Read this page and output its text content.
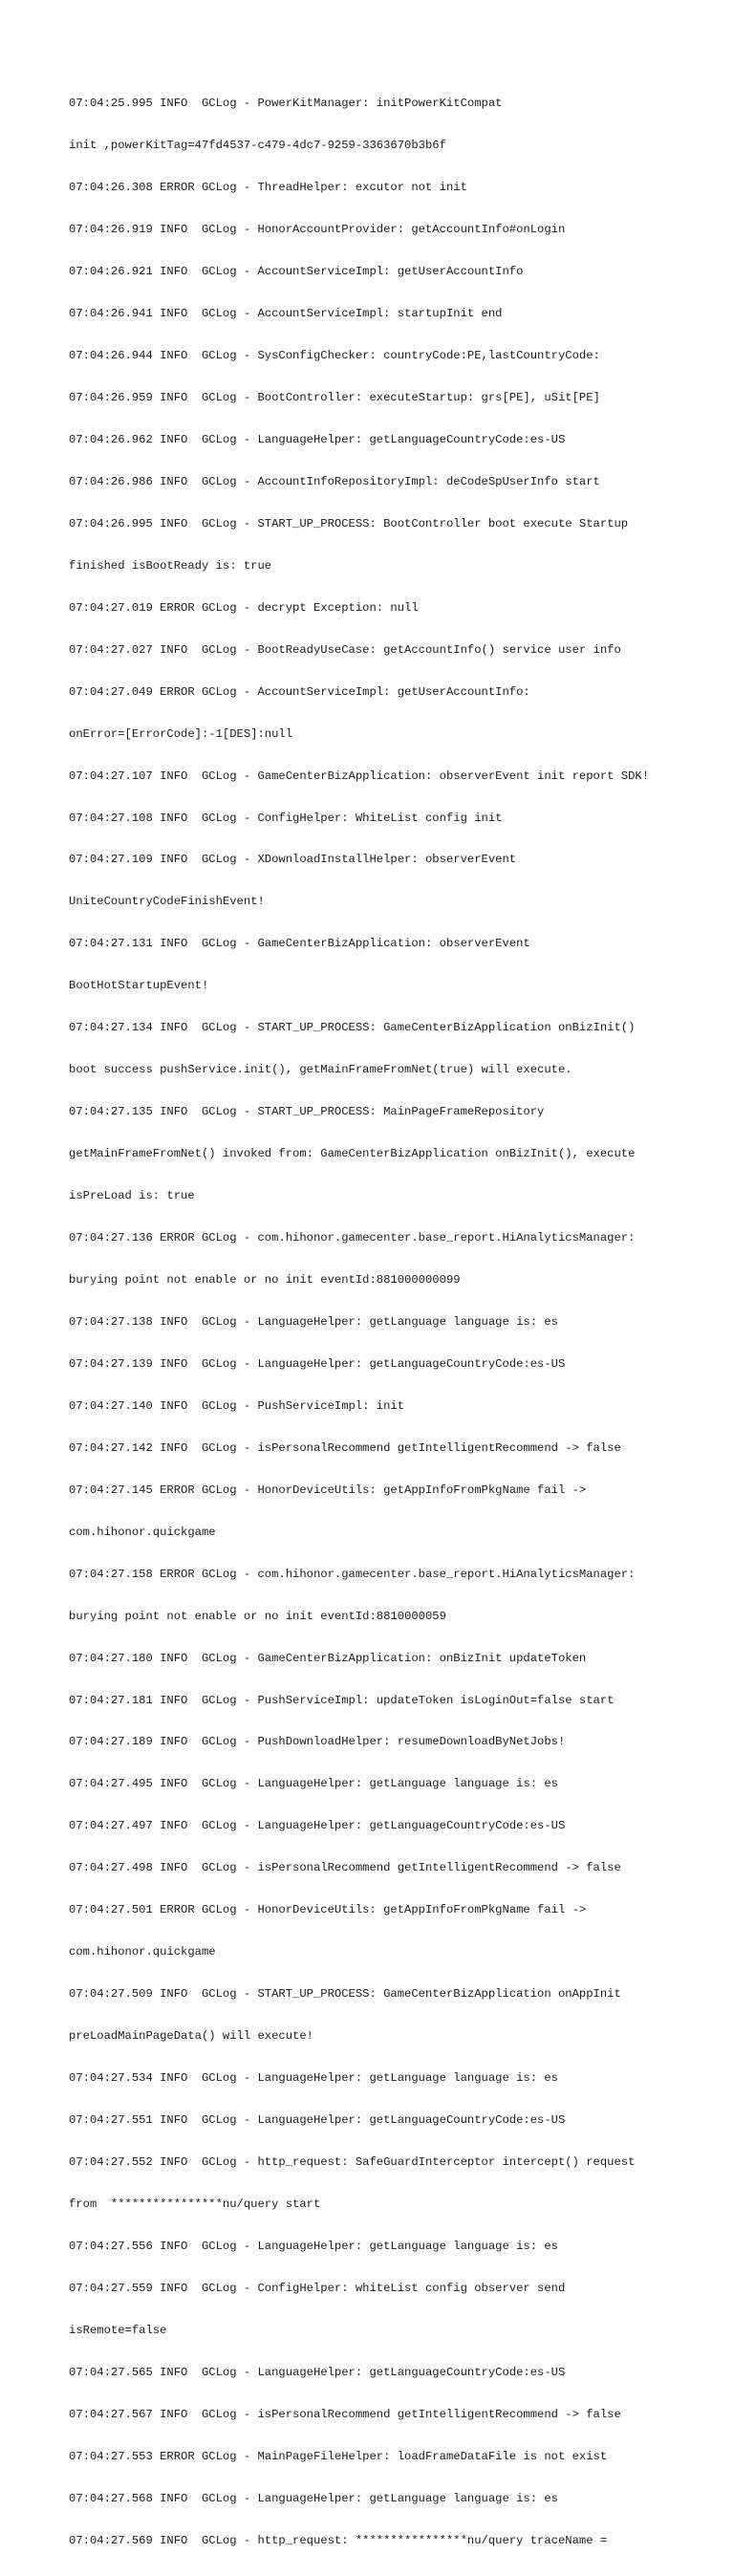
07:04:25.995 INFO  GCLog - PowerKitManager: initPowerKitCompat

init ,powerKitTag=47fd4537-c479-4dc7-9259-3363670b3b6f

07:04:26.308 ERROR GCLog - ThreadHelper: excutor not init

07:04:26.919 INFO  GCLog - HonorAccountProvider: getAccountInfo#onLogin

07:04:26.921 INFO  GCLog - AccountServiceImpl: getUserAccountInfo

07:04:26.941 INFO  GCLog - AccountServiceImpl: startupInit end

07:04:26.944 INFO  GCLog - SysConfigChecker: countryCode:PE,lastCountryCode:

07:04:26.959 INFO  GCLog - BootController: executeStartup: grs[PE], uSit[PE]

07:04:26.962 INFO  GCLog - LanguageHelper: getLanguageCountryCode:es-US

07:04:26.986 INFO  GCLog - AccountInfoRepositoryImpl: deCodeSpUserInfo start

07:04:26.995 INFO  GCLog - START_UP_PROCESS: BootController boot execute Startup

finished isBootReady is: true

07:04:27.019 ERROR GCLog - decrypt Exception: null

07:04:27.027 INFO  GCLog - BootReadyUseCase: getAccountInfo() service user info

07:04:27.049 ERROR GCLog - AccountServiceImpl: getUserAccountInfo:

onError=[ErrorCode]:-1[DES]:null

07:04:27.107 INFO  GCLog - GameCenterBizApplication: observerEvent init report SDK!

07:04:27.108 INFO  GCLog - ConfigHelper: WhiteList config init

07:04:27.109 INFO  GCLog - XDownloadInstallHelper: observerEvent

UniteCountryCodeFinishEvent!

07:04:27.131 INFO  GCLog - GameCenterBizApplication: observerEvent

BootHotStartupEvent!

07:04:27.134 INFO  GCLog - START_UP_PROCESS: GameCenterBizApplication onBizInit()

boot success pushService.init(), getMainFrameFromNet(true) will execute.

07:04:27.135 INFO  GCLog - START_UP_PROCESS: MainPageFrameRepository

getMainFrameFromNet() invoked from: GameCenterBizApplication onBizInit(), execute

isPreLoad is: true

07:04:27.136 ERROR GCLog - com.hihonor.gamecenter.base_report.HiAnalyticsManager:

burying point not enable or no init eventId:881000000099

07:04:27.138 INFO  GCLog - LanguageHelper: getLanguage language is: es

07:04:27.139 INFO  GCLog - LanguageHelper: getLanguageCountryCode:es-US

07:04:27.140 INFO  GCLog - PushServiceImpl: init

07:04:27.142 INFO  GCLog - isPersonalRecommend getIntelligentRecommend -> false

07:04:27.145 ERROR GCLog - HonorDeviceUtils: getAppInfoFromPkgName fail ->

com.hihonor.quickgame

07:04:27.158 ERROR GCLog - com.hihonor.gamecenter.base_report.HiAnalyticsManager:

burying point not enable or no init eventId:8810000059

07:04:27.180 INFO  GCLog - GameCenterBizApplication: onBizInit updateToken

07:04:27.181 INFO  GCLog - PushServiceImpl: updateToken isLoginOut=false start

07:04:27.189 INFO  GCLog - PushDownloadHelper: resumeDownloadByNetJobs!

07:04:27.495 INFO  GCLog - LanguageHelper: getLanguage language is: es

07:04:27.497 INFO  GCLog - LanguageHelper: getLanguageCountryCode:es-US

07:04:27.498 INFO  GCLog - isPersonalRecommend getIntelligentRecommend -> false

07:04:27.501 ERROR GCLog - HonorDeviceUtils: getAppInfoFromPkgName fail ->

com.hihonor.quickgame

07:04:27.509 INFO  GCLog - START_UP_PROCESS: GameCenterBizApplication onAppInit

preLoadMainPageData() will execute!

07:04:27.534 INFO  GCLog - LanguageHelper: getLanguage language is: es

07:04:27.551 INFO  GCLog - LanguageHelper: getLanguageCountryCode:es-US

07:04:27.552 INFO  GCLog - http_request: SafeGuardInterceptor intercept() request

from  ****************nu/query start

07:04:27.556 INFO  GCLog - LanguageHelper: getLanguage language is: es

07:04:27.559 INFO  GCLog - ConfigHelper: whiteList config observer send

isRemote=false

07:04:27.565 INFO  GCLog - LanguageHelper: getLanguageCountryCode:es-US

07:04:27.567 INFO  GCLog - isPersonalRecommend getIntelligentRecommend -> false

07:04:27.553 ERROR GCLog - MainPageFileHelper: loadFrameDataFile is not exist

07:04:27.568 INFO  GCLog - LanguageHelper: getLanguage language is: es

07:04:27.569 INFO  GCLog - http_request: ****************nu/query traceName =
